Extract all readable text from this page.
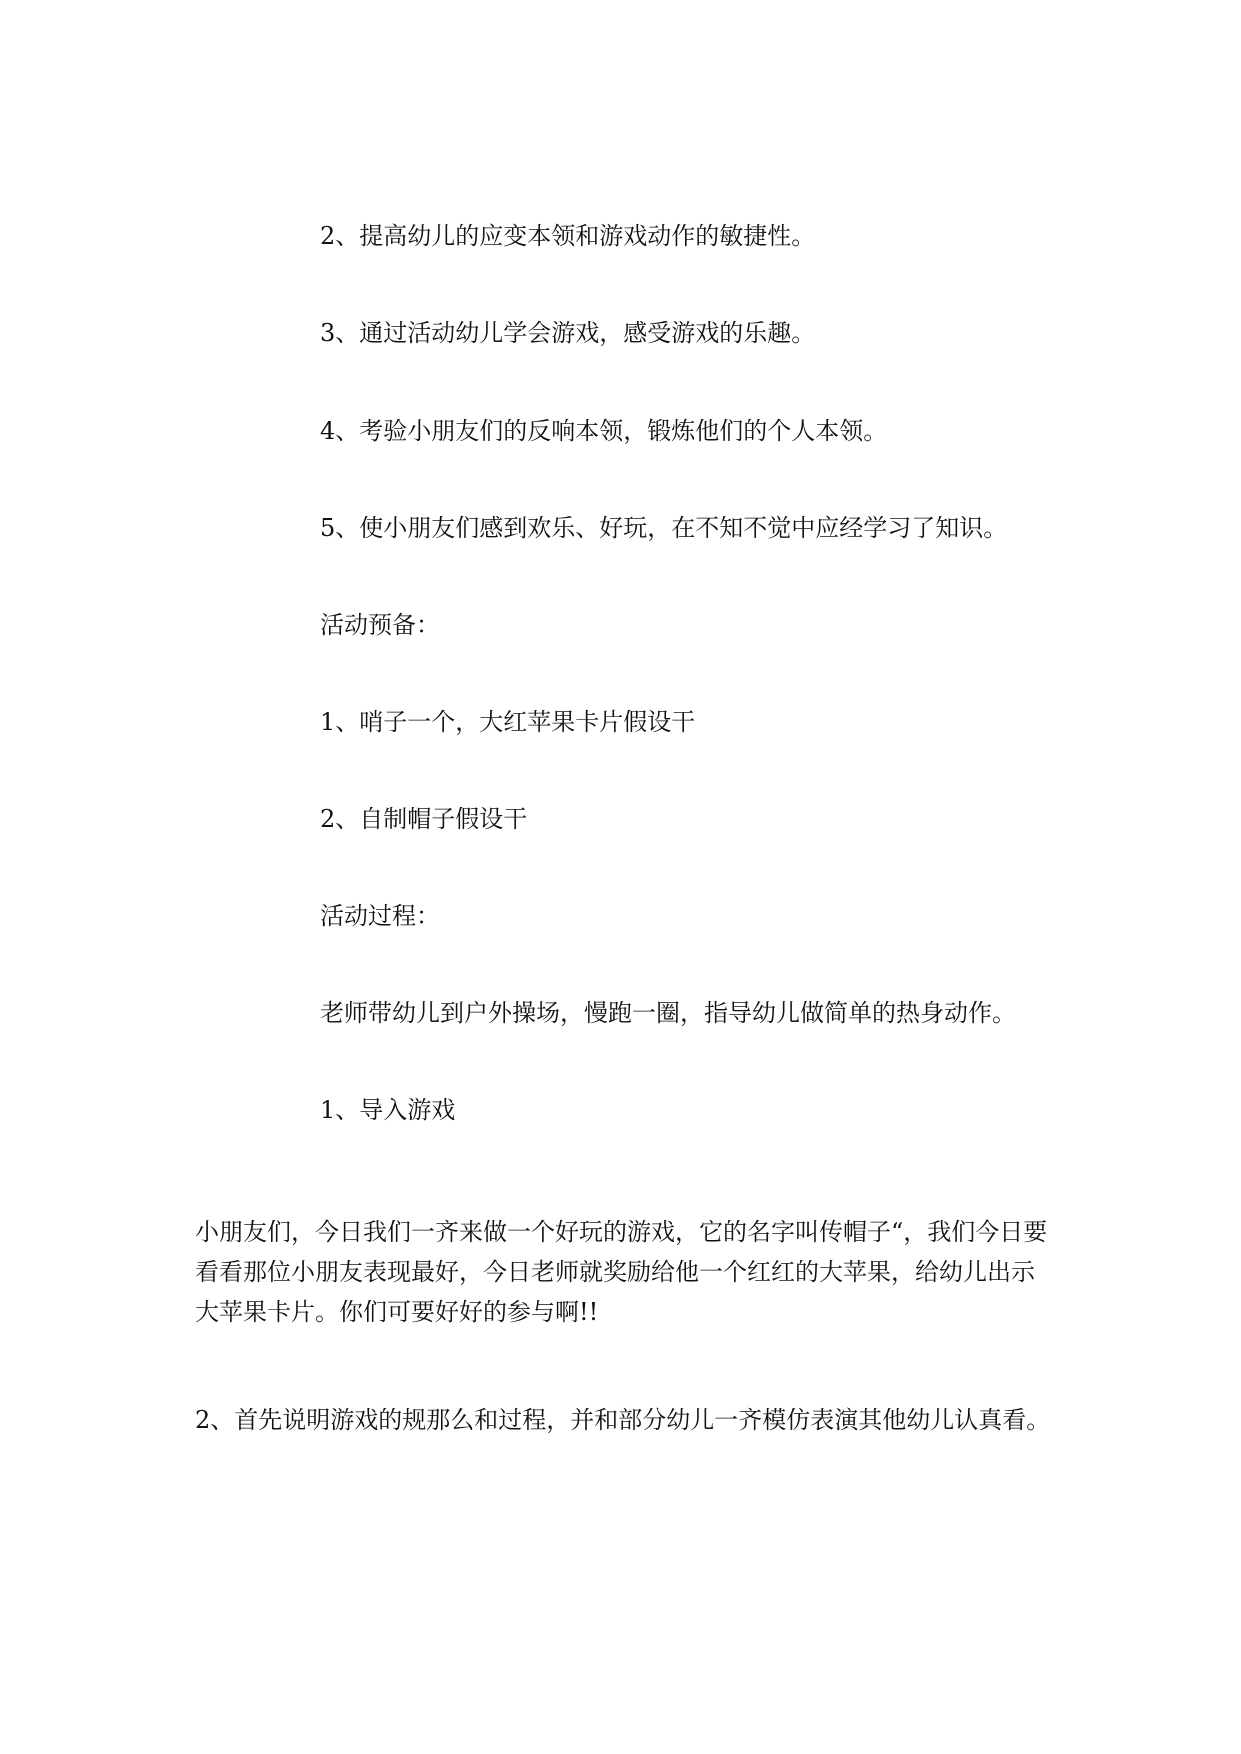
2、提高幼儿的应变本领和游戏动作的敏捷性。

3、通过活动幼儿学会游戏，感受游戏的乐趣。

4、考验小朋友们的反响本领，锻炼他们的个人本领。

5、使小朋友们感到欢乐、好玩，在不知不觉中应经学习了知识。

活动预备：

1、哨子一个，大红苹果卡片假设干

2、自制帽子假设干

活动过程：

老师带幼儿到户外操场，慢跑一圈，指导幼儿做简单的热身动作。

1、导入游戏

小朋友们，今日我们一齐来做一个好玩的游戏，它的名字叫传帽子“，我们今日要看看那位小朋友表现最好，今日老师就奖励给他一个红红的大苹果，给幼儿出示大苹果卡片。你们可要好好的参与啊!!

2、首先说明游戏的规那么和过程，并和部分幼儿一齐模仿表演其他幼儿认真看。
